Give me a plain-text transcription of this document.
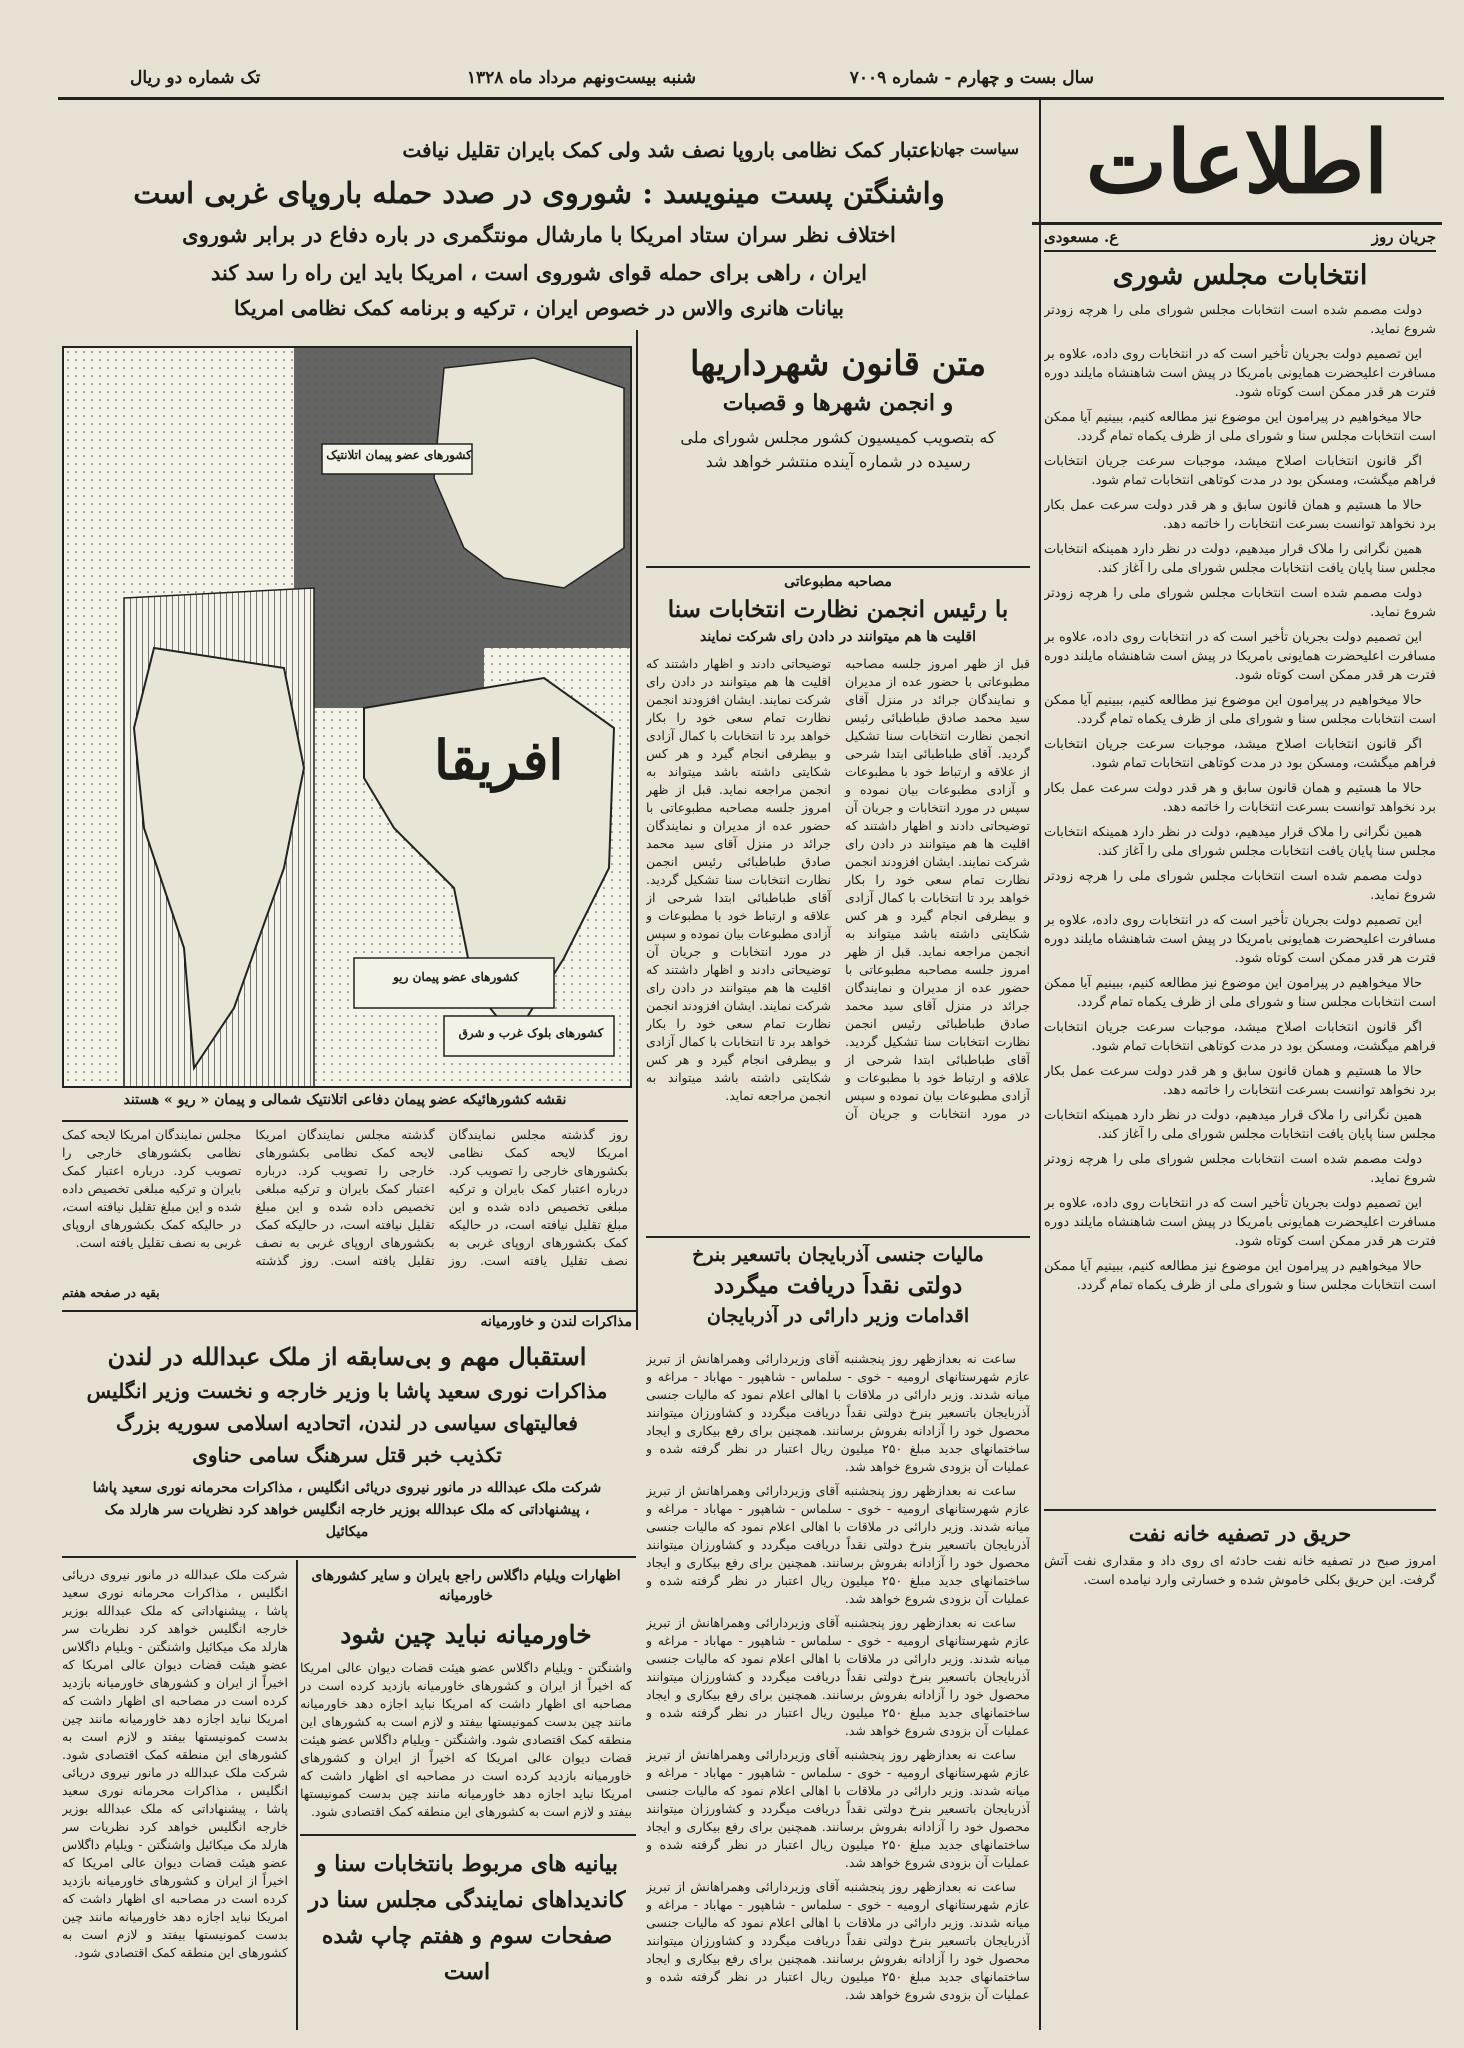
سال بست و چهارم - شماره ۷۰۰۹
شنبه بیست‌ونهم مرداد ماه ۱۳۲۸
تک شماره دو ریال
اطلاعات
جریان روز
ع. مسعودی
انتخابات مجلس شوری

دولت مصمم شده است انتخابات مجلس شورای ملی را هرچه زودتر شروع نماید.

این تصمیم دولت بجریان تأخیر است که در انتخابات روی داده، علاوه بر مسافرت اعلیحضرت همایونی بامریکا در پیش است شاهنشاه مایلند دوره فترت هر قدر ممکن است کوتاه شود.

حالا میخواهیم در پیرامون این موضوع نیز مطالعه کنیم، ببینیم آیا ممکن است انتخابات مجلس سنا و شورای ملی از ظرف یکماه تمام گردد.

اگر قانون انتخابات اصلاح میشد، موجبات سرعت جریان انتخابات فراهم میگشت، ومسکن بود در مدت کوتاهی انتخابات تمام شود.

حالا ما هستیم و همان قانون سابق و هر قدر دولت سرعت عمل بکار برد نخواهد توانست بسرعت انتخابات را خاتمه دهد.

همین نگرانی را ملاک قرار میدهیم، دولت در نظر دارد همینکه انتخابات مجلس سنا پایان یافت انتخابات مجلس شورای ملی را آغاز کند.

دولت مصمم شده است انتخابات مجلس شورای ملی را هرچه زودتر شروع نماید.

این تصمیم دولت بجریان تأخیر است که در انتخابات روی داده، علاوه بر مسافرت اعلیحضرت همایونی بامریکا در پیش است شاهنشاه مایلند دوره فترت هر قدر ممکن است کوتاه شود.

حالا میخواهیم در پیرامون این موضوع نیز مطالعه کنیم، ببینیم آیا ممکن است انتخابات مجلس سنا و شورای ملی از ظرف یکماه تمام گردد.

اگر قانون انتخابات اصلاح میشد، موجبات سرعت جریان انتخابات فراهم میگشت، ومسکن بود در مدت کوتاهی انتخابات تمام شود.

حالا ما هستیم و همان قانون سابق و هر قدر دولت سرعت عمل بکار برد نخواهد توانست بسرعت انتخابات را خاتمه دهد.

همین نگرانی را ملاک قرار میدهیم، دولت در نظر دارد همینکه انتخابات مجلس سنا پایان یافت انتخابات مجلس شورای ملی را آغاز کند.

دولت مصمم شده است انتخابات مجلس شورای ملی را هرچه زودتر شروع نماید.

این تصمیم دولت بجریان تأخیر است که در انتخابات روی داده، علاوه بر مسافرت اعلیحضرت همایونی بامریکا در پیش است شاهنشاه مایلند دوره فترت هر قدر ممکن است کوتاه شود.

حالا میخواهیم در پیرامون این موضوع نیز مطالعه کنیم، ببینیم آیا ممکن است انتخابات مجلس سنا و شورای ملی از ظرف یکماه تمام گردد.

اگر قانون انتخابات اصلاح میشد، موجبات سرعت جریان انتخابات فراهم میگشت، ومسکن بود در مدت کوتاهی انتخابات تمام شود.

حالا ما هستیم و همان قانون سابق و هر قدر دولت سرعت عمل بکار برد نخواهد توانست بسرعت انتخابات را خاتمه دهد.

همین نگرانی را ملاک قرار میدهیم، دولت در نظر دارد همینکه انتخابات مجلس سنا پایان یافت انتخابات مجلس شورای ملی را آغاز کند.

دولت مصمم شده است انتخابات مجلس شورای ملی را هرچه زودتر شروع نماید.

این تصمیم دولت بجریان تأخیر است که در انتخابات روی داده، علاوه بر مسافرت اعلیحضرت همایونی بامریکا در پیش است شاهنشاه مایلند دوره فترت هر قدر ممکن است کوتاه شود.

حالا میخواهیم در پیرامون این موضوع نیز مطالعه کنیم، ببینیم آیا ممکن است انتخابات مجلس سنا و شورای ملی از ظرف یکماه تمام گردد.

حریق در تصفیه خانه نفت
امروز صبح در تصفیه خانه نفت حادثه ای روی داد و مقداری نفت آتش گرفت. این حریق بکلی خاموش شده و خسارتی وارد نیامده است.
سیاست جهان
اعتبار کمک نظامی باروپا نصف شد ولی کمک بایران تقلیل نیافت
واشنگتن پست مینویسد : شوروی در صدد حمله باروپای غربی است
اختلاف نظر سران ستاد امریکا با مارشال مونتگمری در باره دفاع در برابر شوروی
ایران ، راهی برای حمله قوای شوروی است ، امریکا باید این راه را سد کند
بیانات هانری والاس در خصوص ایران ، ترکیه و برنامه کمک نظامی امریکا
افریقا
کشورهای عضو پیمان اتلانتیک
کشورهای عضو پیمان ریو
کشورهای بلوک غرب و شرق
نقشه کشورهائیکه عضو پیمان دفاعی اتلانتیک شمالی و پیمان « ریو » هستند
روز گذشته مجلس نمایندگان امریکا لایحه کمک نظامی بکشورهای خارجی را تصویب کرد. درباره اعتبار کمک بایران و ترکیه مبلغی تخصیص داده شده و این مبلغ تقلیل نیافته است، در حالیکه کمک بکشورهای اروپای غربی به نصف تقلیل یافته است. روز گذشته مجلس نمایندگان امریکا لایحه کمک نظامی بکشورهای خارجی را تصویب کرد. درباره اعتبار کمک بایران و ترکیه مبلغی تخصیص داده شده و این مبلغ تقلیل نیافته است، در حالیکه کمک بکشورهای اروپای غربی به نصف تقلیل یافته است. روز گذشته مجلس نمایندگان امریکا لایحه کمک نظامی بکشورهای خارجی را تصویب کرد. درباره اعتبار کمک بایران و ترکیه مبلغی تخصیص داده شده و این مبلغ تقلیل نیافته است، در حالیکه کمک بکشورهای اروپای غربی به نصف تقلیل یافته است.
بقیه در صفحه هفتم
متن قانون شهرداریها
و انجمن شهرها و قصبات
که بتصویب کمیسیون کشور مجلس شورای ملی رسیده در شماره آینده منتشر خواهد شد
مصاحبه مطبوعاتی
با رئیس انجمن نظارت انتخابات سنا
اقلیت ها هم میتوانند در دادن رای شرکت نمایند
قبل از ظهر امروز جلسه مصاحبه مطبوعاتی با حضور عده از مدیران و نمایندگان جرائد در منزل آقای سید محمد صادق طباطبائی رئیس انجمن نظارت انتخابات سنا تشکیل گردید. آقای طباطبائی ابتدا شرحی از علاقه و ارتباط خود با مطبوعات و آزادی مطبوعات بیان نموده و سپس در مورد انتخابات و جریان آن توضیحاتی دادند و اظهار داشتند که اقلیت ها هم میتوانند در دادن رای شرکت نمایند. ایشان افزودند انجمن نظارت تمام سعی خود را بکار خواهد برد تا انتخابات با کمال آزادی و بیطرفی انجام گیرد و هر کس شکایتی داشته باشد میتواند به انجمن مراجعه نماید. قبل از ظهر امروز جلسه مصاحبه مطبوعاتی با حضور عده از مدیران و نمایندگان جرائد در منزل آقای سید محمد صادق طباطبائی رئیس انجمن نظارت انتخابات سنا تشکیل گردید. آقای طباطبائی ابتدا شرحی از علاقه و ارتباط خود با مطبوعات و آزادی مطبوعات بیان نموده و سپس در مورد انتخابات و جریان آن توضیحاتی دادند و اظهار داشتند که اقلیت ها هم میتوانند در دادن رای شرکت نمایند. ایشان افزودند انجمن نظارت تمام سعی خود را بکار خواهد برد تا انتخابات با کمال آزادی و بیطرفی انجام گیرد و هر کس شکایتی داشته باشد میتواند به انجمن مراجعه نماید. قبل از ظهر امروز جلسه مصاحبه مطبوعاتی با حضور عده از مدیران و نمایندگان جرائد در منزل آقای سید محمد صادق طباطبائی رئیس انجمن نظارت انتخابات سنا تشکیل گردید. آقای طباطبائی ابتدا شرحی از علاقه و ارتباط خود با مطبوعات و آزادی مطبوعات بیان نموده و سپس در مورد انتخابات و جریان آن توضیحاتی دادند و اظهار داشتند که اقلیت ها هم میتوانند در دادن رای شرکت نمایند. ایشان افزودند انجمن نظارت تمام سعی خود را بکار خواهد برد تا انتخابات با کمال آزادی و بیطرفی انجام گیرد و هر کس شکایتی داشته باشد میتواند به انجمن مراجعه نماید.
مالیات جنسی آذربایجان باتسعیر بنرخ
دولتی نقداً دریافت میگردد
اقدامات وزیر دارائی در آذربایجان

ساعت نه بعدازظهر روز پنجشنبه آقای وزیردارائی وهمراهانش از تبریز عازم شهرستانهای ارومیه - خوی - سلماس - شاهپور - مهاباد - مراغه و میانه شدند. وزیر دارائی در ملاقات با اهالی اعلام نمود که مالیات جنسی آذربایجان باتسعیر بنرخ دولتی نقداً دریافت میگردد و کشاورزان میتوانند محصول خود را آزادانه بفروش برسانند. همچنین برای رفع بیکاری و ایجاد ساختمانهای جدید مبلغ ۲۵۰ میلیون ریال اعتبار در نظر گرفته شده و عملیات آن بزودی شروع خواهد شد.

ساعت نه بعدازظهر روز پنجشنبه آقای وزیردارائی وهمراهانش از تبریز عازم شهرستانهای ارومیه - خوی - سلماس - شاهپور - مهاباد - مراغه و میانه شدند. وزیر دارائی در ملاقات با اهالی اعلام نمود که مالیات جنسی آذربایجان باتسعیر بنرخ دولتی نقداً دریافت میگردد و کشاورزان میتوانند محصول خود را آزادانه بفروش برسانند. همچنین برای رفع بیکاری و ایجاد ساختمانهای جدید مبلغ ۲۵۰ میلیون ریال اعتبار در نظر گرفته شده و عملیات آن بزودی شروع خواهد شد.

ساعت نه بعدازظهر روز پنجشنبه آقای وزیردارائی وهمراهانش از تبریز عازم شهرستانهای ارومیه - خوی - سلماس - شاهپور - مهاباد - مراغه و میانه شدند. وزیر دارائی در ملاقات با اهالی اعلام نمود که مالیات جنسی آذربایجان باتسعیر بنرخ دولتی نقداً دریافت میگردد و کشاورزان میتوانند محصول خود را آزادانه بفروش برسانند. همچنین برای رفع بیکاری و ایجاد ساختمانهای جدید مبلغ ۲۵۰ میلیون ریال اعتبار در نظر گرفته شده و عملیات آن بزودی شروع خواهد شد.

ساعت نه بعدازظهر روز پنجشنبه آقای وزیردارائی وهمراهانش از تبریز عازم شهرستانهای ارومیه - خوی - سلماس - شاهپور - مهاباد - مراغه و میانه شدند. وزیر دارائی در ملاقات با اهالی اعلام نمود که مالیات جنسی آذربایجان باتسعیر بنرخ دولتی نقداً دریافت میگردد و کشاورزان میتوانند محصول خود را آزادانه بفروش برسانند. همچنین برای رفع بیکاری و ایجاد ساختمانهای جدید مبلغ ۲۵۰ میلیون ریال اعتبار در نظر گرفته شده و عملیات آن بزودی شروع خواهد شد.

ساعت نه بعدازظهر روز پنجشنبه آقای وزیردارائی وهمراهانش از تبریز عازم شهرستانهای ارومیه - خوی - سلماس - شاهپور - مهاباد - مراغه و میانه شدند. وزیر دارائی در ملاقات با اهالی اعلام نمود که مالیات جنسی آذربایجان باتسعیر بنرخ دولتی نقداً دریافت میگردد و کشاورزان میتوانند محصول خود را آزادانه بفروش برسانند. همچنین برای رفع بیکاری و ایجاد ساختمانهای جدید مبلغ ۲۵۰ میلیون ریال اعتبار در نظر گرفته شده و عملیات آن بزودی شروع خواهد شد.

مذاکرات لندن و خاورمیانه
استقبال مهم و بی‌سابقه از ملک عبدالله در لندن
مذاکرات نوری سعید پاشا با وزیر خارجه و نخست وزیر انگلیس
فعالیتهای سیاسی در لندن، اتحادیه اسلامی سوریه بزرگ
تکذیب خبر قتل سرهنگ سامی حناوی
شرکت ملک عبدالله در مانور نیروی دریائی انگلیس ، مذاکرات محرمانه نوری سعید پاشا ، پیشنهاداتی که ملک عبدالله بوزیر خارجه انگلیس خواهد کرد نظریات سر هارلد مک میکائیل
اظهارات ویلیام داگلاس راجع بایران و سایر کشورهای خاورمیانه
خاورمیانه نباید چین شود
واشنگتن - ویلیام داگلاس عضو هیئت قضات دیوان عالی امریکا که اخیراً از ایران و کشورهای خاورمیانه بازدید کرده است در مصاحبه ای اظهار داشت که امریکا نباید اجازه دهد خاورمیانه مانند چین بدست کمونیستها بیفتد و لازم است به کشورهای این منطقه کمک اقتصادی شود. واشنگتن - ویلیام داگلاس عضو هیئت قضات دیوان عالی امریکا که اخیراً از ایران و کشورهای خاورمیانه بازدید کرده است در مصاحبه ای اظهار داشت که امریکا نباید اجازه دهد خاورمیانه مانند چین بدست کمونیستها بیفتد و لازم است به کشورهای این منطقه کمک اقتصادی شود.
شرکت ملک عبدالله در مانور نیروی دریائی انگلیس ، مذاکرات محرمانه نوری سعید پاشا ، پیشنهاداتی که ملک عبدالله بوزیر خارجه انگلیس خواهد کرد نظریات سر هارلد مک میکائیل واشنگتن - ویلیام داگلاس عضو هیئت قضات دیوان عالی امریکا که اخیراً از ایران و کشورهای خاورمیانه بازدید کرده است در مصاحبه ای اظهار داشت که امریکا نباید اجازه دهد خاورمیانه مانند چین بدست کمونیستها بیفتد و لازم است به کشورهای این منطقه کمک اقتصادی شود. شرکت ملک عبدالله در مانور نیروی دریائی انگلیس ، مذاکرات محرمانه نوری سعید پاشا ، پیشنهاداتی که ملک عبدالله بوزیر خارجه انگلیس خواهد کرد نظریات سر هارلد مک میکائیل واشنگتن - ویلیام داگلاس عضو هیئت قضات دیوان عالی امریکا که اخیراً از ایران و کشورهای خاورمیانه بازدید کرده است در مصاحبه ای اظهار داشت که امریکا نباید اجازه دهد خاورمیانه مانند چین بدست کمونیستها بیفتد و لازم است به کشورهای این منطقه کمک اقتصادی شود.
بیانیه های مربوط بانتخابات سنا و کاندیداهای نمایندگی مجلس سنا در صفحات سوم و هفتم چاپ شده است
